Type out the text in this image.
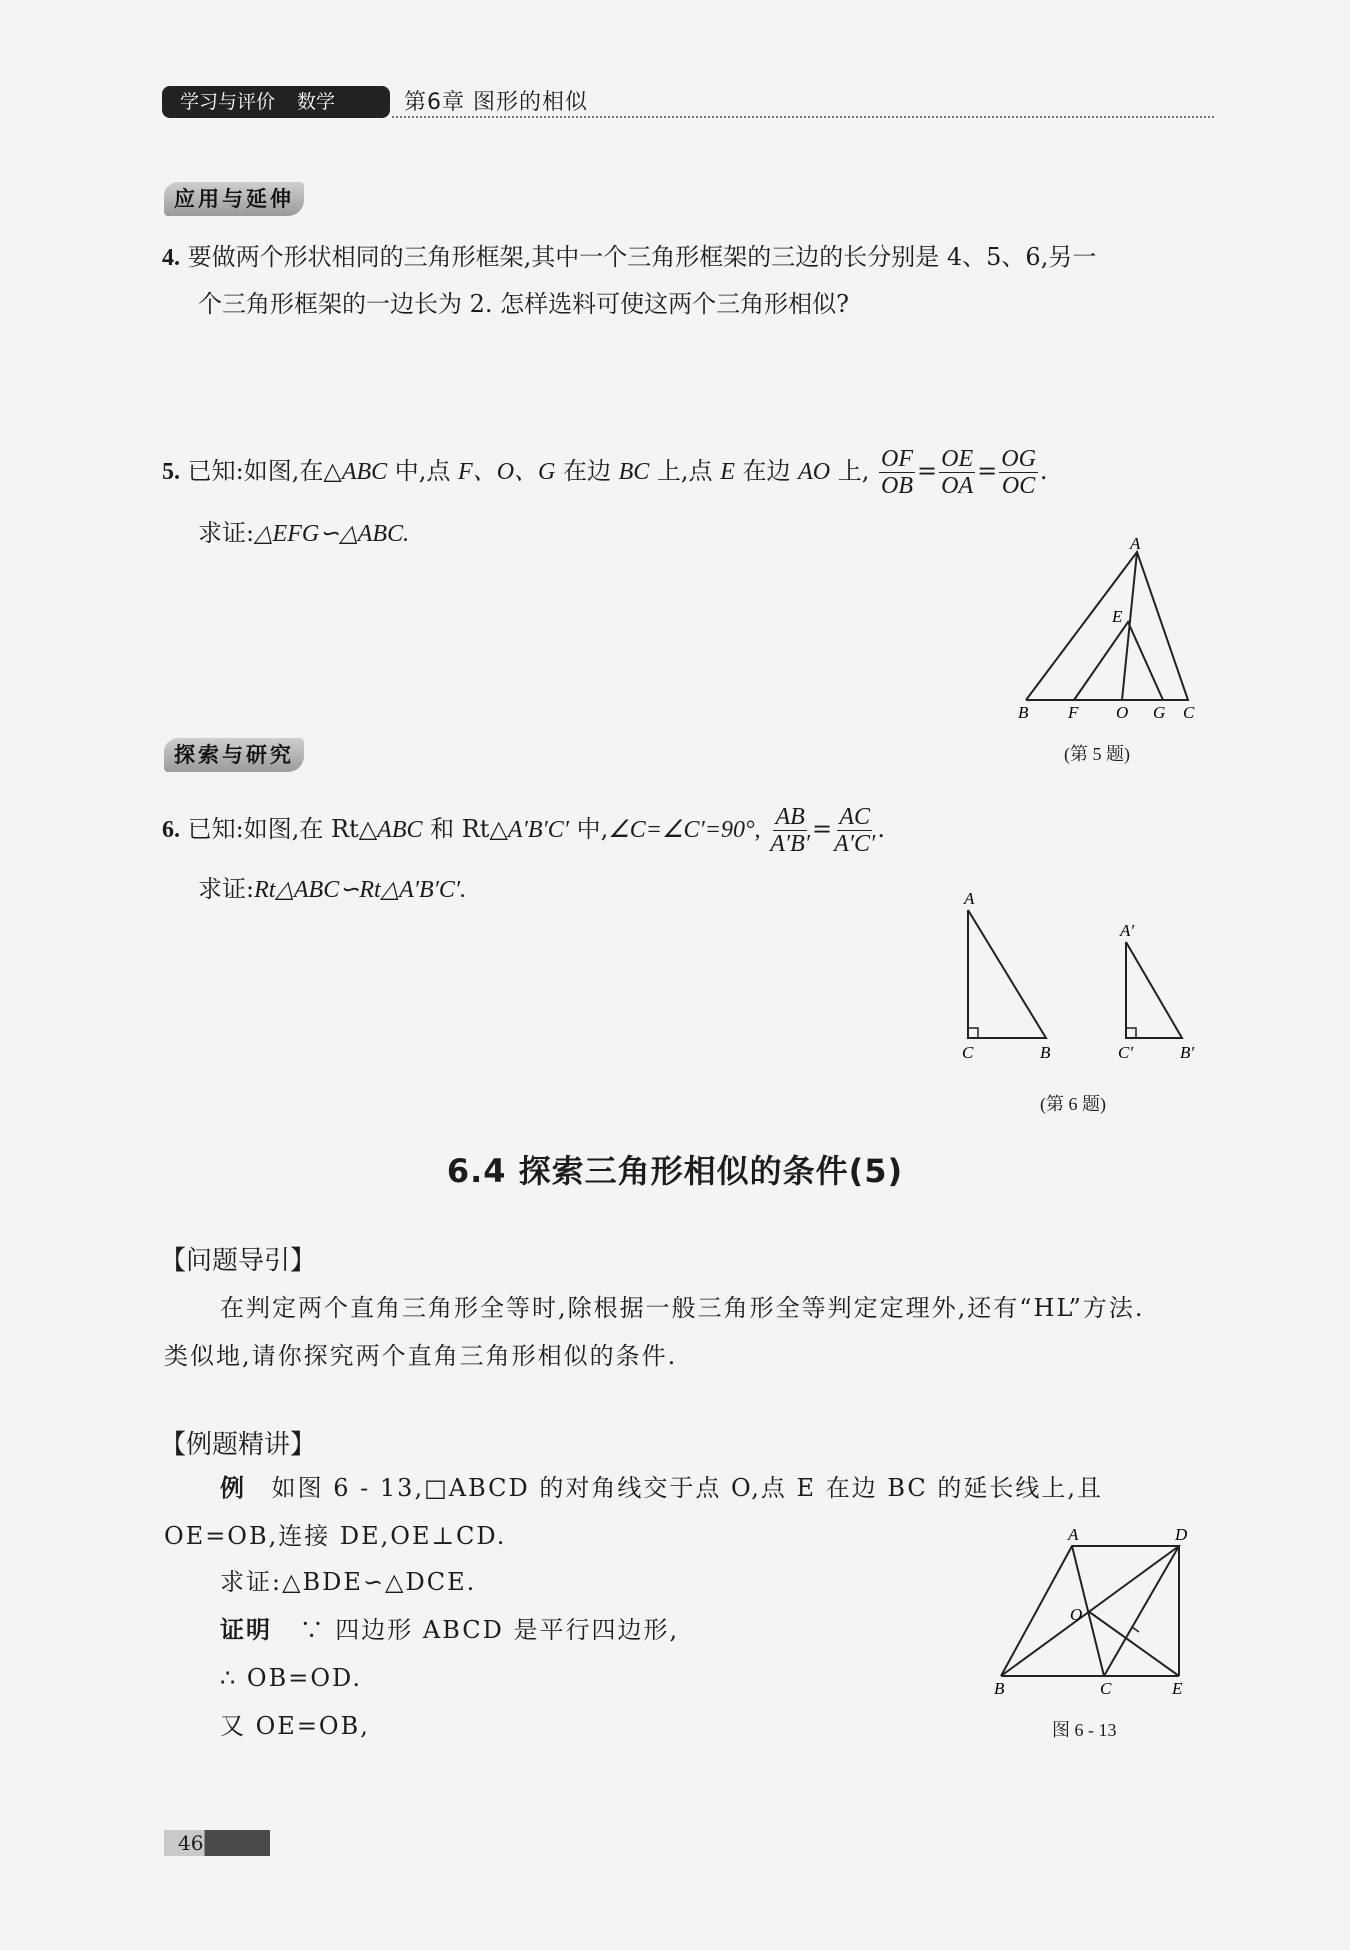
学习与评价 数学	第6章 图形的相似
应用与延伸
4. 要做两个形状相同的三角形框架,其中一个三角形框架的三边的长分别是 4、5、6,另一
个三角形框架的一边长为 2. 怎样选料可使这两个三角形相似?
5. 已知:如图,在△ABC 中,点 F、O、G 在边 BC 上,点 E 在边 AO 上, $\frac{OF}{OB} = \frac{OE}{OA} = \frac{OG}{OC}$ .
求证:△EFG∽△ABC.	A
E
B F O G C
(第 5 题)
探索与研究
6. 已知:如图,在 Rt△ABC 和 Rt△A′B′C′ 中,∠C=∠C′=90°, $\frac{AB}{A'B'} = \frac{AC}{A'C'}$ .
求证:Rt△ABC∽Rt△A′B′C′.	A
C	B
A′
C′	B′
(第 6 题)
6.4 探索三角形相似的条件(5)
【问题导引】
在判定两个直角三角形全等时,除根据一般三角形全等判定定理外,还有“HL”方法.
类似地,请你探究两个直角三角形相似的条件.
【例题精讲】
例 如图 6 - 13,□ABCD 的对角线交于点 O,点 E 在边 BC 的延长线上,且
OE=OB,连接 DE,OE⊥CD.
求证:△BDE∽△DCE.
证明 ∵ 四边形 ABCD 是平行四边形,
∴ OB=OD.
又 OE=OB,
A	D
O
B	C	E
图 6 - 13
46
